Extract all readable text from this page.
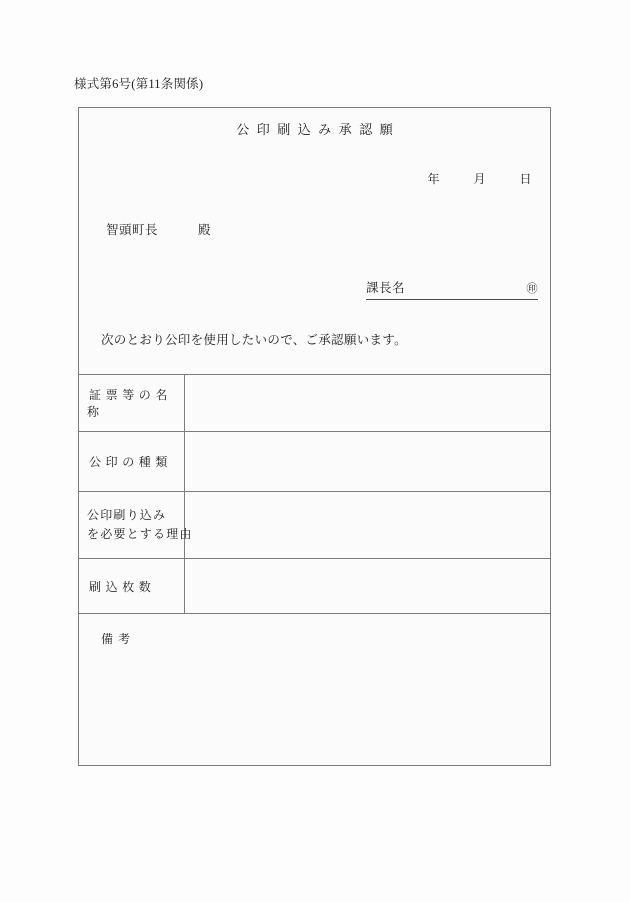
様式第6号(第11条関係)
公印刷込み承認願
年	月	日
智頭町長	殿
課長名	㊞
次のとおり公印を使用したいので、ご承認願います。
証票等の名称
公印の種類
公印刷り込み
を必要とする理由
刷込枚数
備考
